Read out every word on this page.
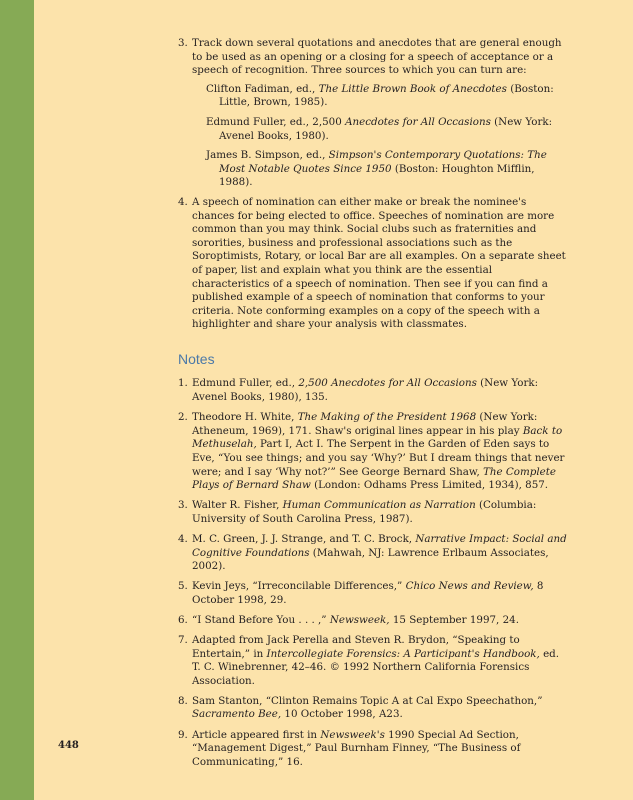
3. Track down several quotations and anecdotes that are general enough to be used as an opening or a closing for a speech of acceptance or a speech of recognition. Three sources to which you can turn are:
Clifton Fadiman, ed., The Little Brown Book of Anecdotes (Boston: Little, Brown, 1985).
Edmund Fuller, ed., 2,500 Anecdotes for All Occasions (New York: Avenel Books, 1980).
James B. Simpson, ed., Simpson's Contemporary Quotations: The Most Notable Quotes Since 1950 (Boston: Houghton Mifflin, 1988).
4. A speech of nomination can either make or break the nominee's chances for being elected to office. Speeches of nomination are more common than you may think. Social clubs such as fraternities and sororities, business and professional associations such as the Soroptimists, Rotary, or local Bar are all examples. On a separate sheet of paper, list and explain what you think are the essential characteristics of a speech of nomination. Then see if you can find a published example of a speech of nomination that conforms to your criteria. Note conforming examples on a copy of the speech with a highlighter and share your analysis with classmates.
Notes
1. Edmund Fuller, ed., 2,500 Anecdotes for All Occasions (New York: Avenel Books, 1980), 135.
2. Theodore H. White, The Making of the President 1968 (New York: Atheneum, 1969), 171. Shaw's original lines appear in his play Back to Methuselah, Part I, Act I. The Serpent in the Garden of Eden says to Eve, “You see things; and you say ‘Why?’ But I dream things that never were; and I say ‘Why not?’” See George Bernard Shaw, The Complete Plays of Bernard Shaw (London: Odhams Press Limited, 1934), 857.
3. Walter R. Fisher, Human Communication as Narration (Columbia: University of South Carolina Press, 1987).
4. M. C. Green, J. J. Strange, and T. C. Brock, Narrative Impact: Social and Cognitive Foundations (Mahwah, NJ: Lawrence Erlbaum Associates, 2002).
5. Kevin Jeys, “Irreconcilable Differences,” Chico News and Review, 8 October 1998, 29.
6. “I Stand Before You . . . ,” Newsweek, 15 September 1997, 24.
7. Adapted from Jack Perella and Steven R. Brydon, “Speaking to Entertain,” in Intercollegiate Forensics: A Participant's Handbook, ed. T. C. Winebrenner, 42–46. © 1992 Northern California Forensics Association.
8. Sam Stanton, “Clinton Remains Topic A at Cal Expo Speechathon,” Sacramento Bee, 10 October 1998, A23.
9. Article appeared first in Newsweek's 1990 Special Ad Section, “Management Digest,” Paul Burnham Finney, “The Business of Communicating,” 16.
448
